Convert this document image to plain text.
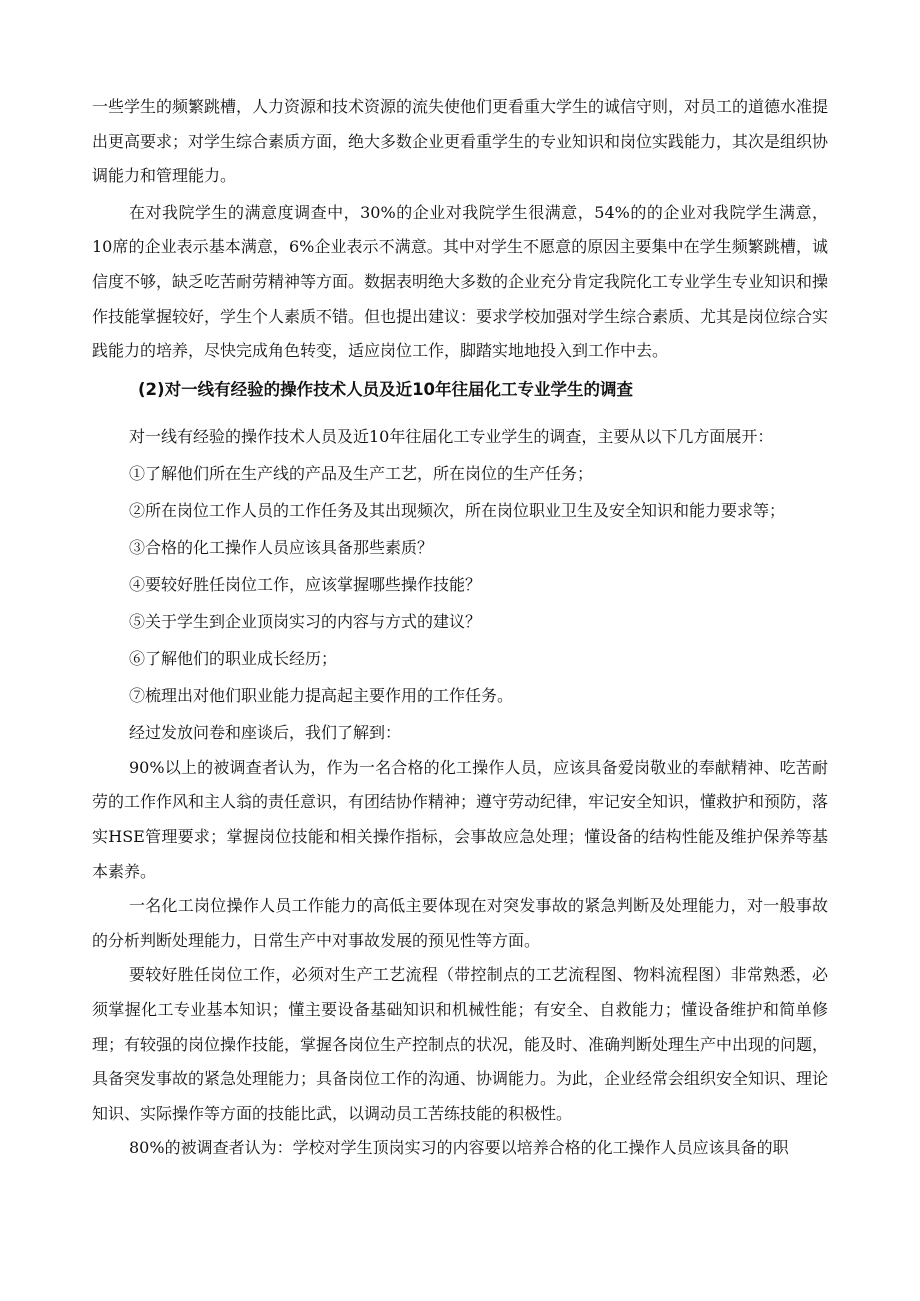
一些学生的频繁跳槽，人力资源和技术资源的流失使他们更看重大学生的诚信守则，对员工的道德水准提出更高要求；对学生综合素质方面，绝大多数企业更看重学生的专业知识和岗位实践能力，其次是组织协调能力和管理能力。

在对我院学生的满意度调查中，30%的企业对我院学生很满意，54%的的企业对我院学生满意，10席的企业表示基本满意，6%企业表示不满意。其中对学生不愿意的原因主要集中在学生频繁跳槽，诚信度不够，缺乏吃苦耐劳精神等方面。数据表明绝大多数的企业充分肯定我院化工专业学生专业知识和操作技能掌握较好，学生个人素质不错。但也提出建议：要求学校加强对学生综合素质、尤其是岗位综合实践能力的培养，尽快完成角色转变，适应岗位工作，脚踏实地地投入到工作中去。

(2)对一线有经验的操作技术人员及近10年往届化工专业学生的调查

对一线有经验的操作技术人员及近10年往届化工专业学生的调查，主要从以下几方面展开：

①了解他们所在生产线的产品及生产工艺，所在岗位的生产任务；

②所在岗位工作人员的工作任务及其出现频次，所在岗位职业卫生及安全知识和能力要求等；

③合格的化工操作人员应该具备那些素质？

④要较好胜任岗位工作，应该掌握哪些操作技能？

⑤关于学生到企业顶岗实习的内容与方式的建议？

⑥了解他们的职业成长经历；

⑦梳理出对他们职业能力提高起主要作用的工作任务。

经过发放问卷和座谈后，我们了解到：

90%以上的被调查者认为，作为一名合格的化工操作人员，应该具备爱岗敬业的奉献精神、吃苦耐劳的工作作风和主人翁的责任意识，有团结协作精神；遵守劳动纪律，牢记安全知识，懂救护和预防，落实HSE管理要求；掌握岗位技能和相关操作指标，会事故应急处理；懂设备的结构性能及维护保养等基本素养。

一名化工岗位操作人员工作能力的高低主要体现在对突发事故的紧急判断及处理能力，对一般事故的分析判断处理能力，日常生产中对事故发展的预见性等方面。

要较好胜任岗位工作，必须对生产工艺流程（带控制点的工艺流程图、物料流程图）非常熟悉，必须掌握化工专业基本知识；懂主要设备基础知识和机械性能；有安全、自救能力；懂设备维护和简单修理；有较强的岗位操作技能，掌握各岗位生产控制点的状况，能及时、准确判断处理生产中出现的问题，具备突发事故的紧急处理能力；具备岗位工作的沟通、协调能力。为此，企业经常会组织安全知识、理论知识、实际操作等方面的技能比武，以调动员工苦练技能的积极性。

80%的被调查者认为：学校对学生顶岗实习的内容要以培养合格的化工操作人员应该具备的职
